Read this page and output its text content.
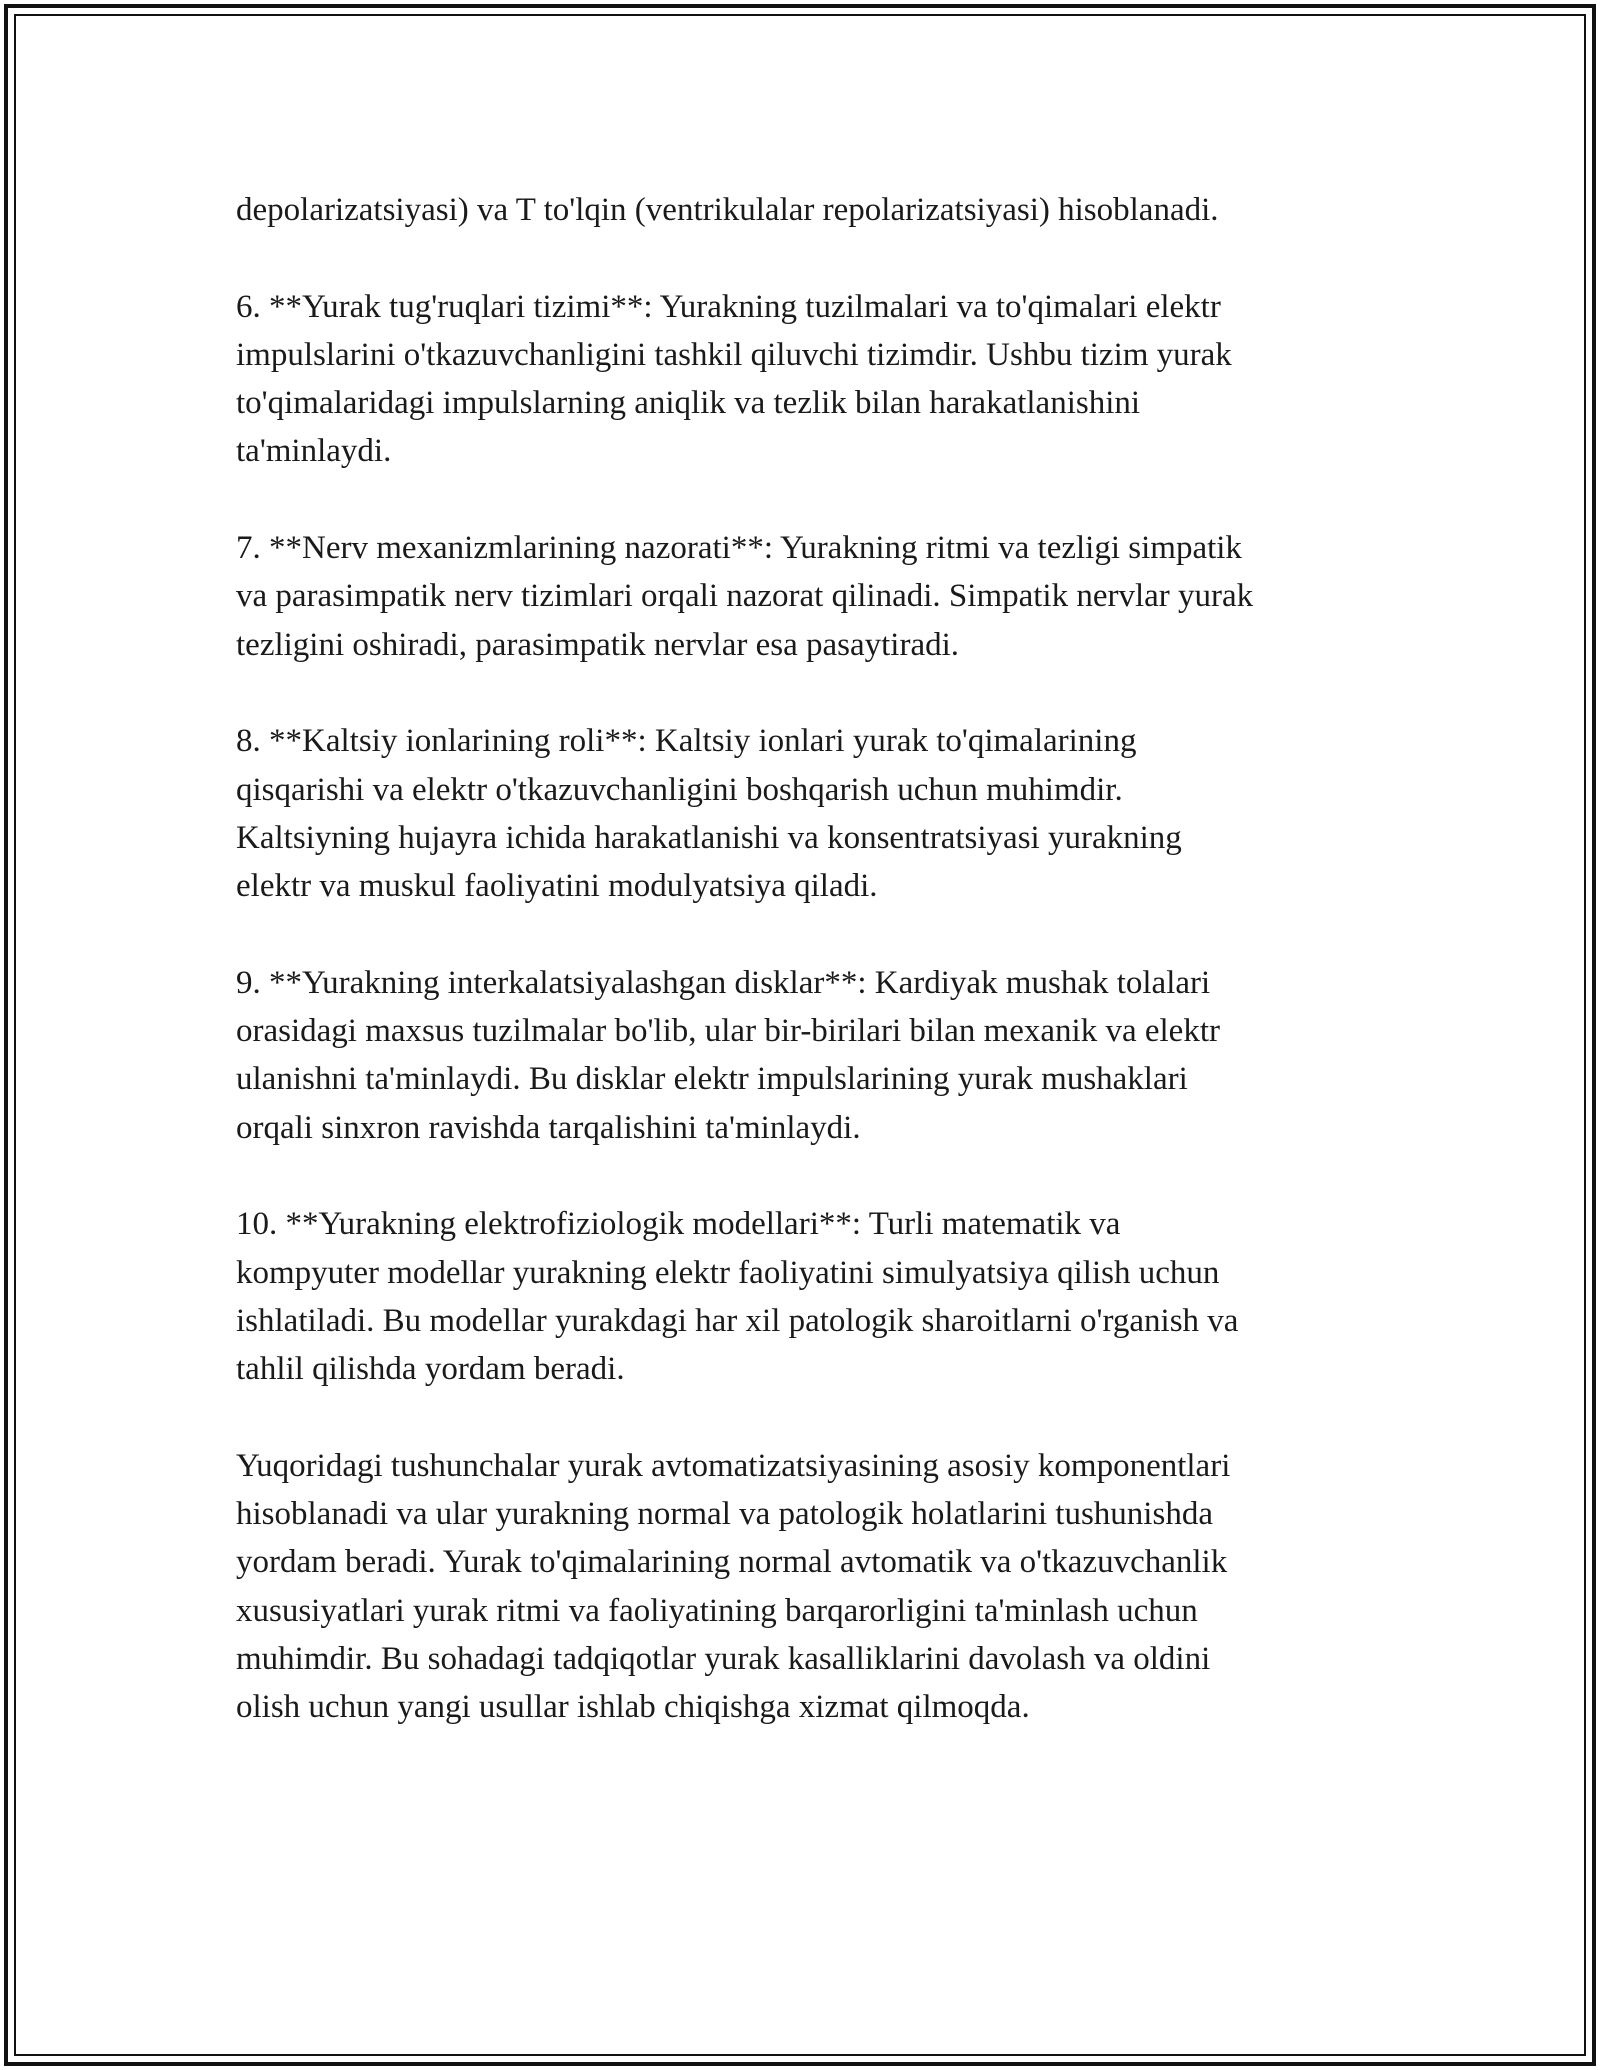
depolarizatsiyasi) va T to'lqin (ventrikulalar repolarizatsiyasi) hisoblanadi.

6. **Yurak tug'ruqlari tizimi**: Yurakning tuzilmalari va to'qimalari elektr
impulslarini o'tkazuvchanligini tashkil qiluvchi tizimdir. Ushbu tizim yurak
to'qimalaridagi impulslarning aniqlik va tezlik bilan harakatlanishini
ta'minlaydi.

7. **Nerv mexanizmlarining nazorati**: Yurakning ritmi va tezligi simpatik
va parasimpatik nerv tizimlari orqali nazorat qilinadi. Simpatik nervlar yurak
tezligini oshiradi, parasimpatik nervlar esa pasaytiradi.

8. **Kaltsiy ionlarining roli**: Kaltsiy ionlari yurak to'qimalarining
qisqarishi va elektr o'tkazuvchanligini boshqarish uchun muhimdir.
Kaltsiyning hujayra ichida harakatlanishi va konsentratsiyasi yurakning
elektr va muskul faoliyatini modulyatsiya qiladi.

9. **Yurakning interkalatsiyalashgan disklar**: Kardiyak mushak tolalari
orasidagi maxsus tuzilmalar bo'lib, ular bir-birilari bilan mexanik va elektr
ulanishni ta'minlaydi. Bu disklar elektr impulslarining yurak mushaklari
orqali sinxron ravishda tarqalishini ta'minlaydi.

10. **Yurakning elektrofiziologik modellari**: Turli matematik va
kompyuter modellar yurakning elektr faoliyatini simulyatsiya qilish uchun
ishlatiladi. Bu modellar yurakdagi har xil patologik sharoitlarni o'rganish va
tahlil qilishda yordam beradi.

Yuqoridagi tushunchalar yurak avtomatizatsiyasining asosiy komponentlari
hisoblanadi va ular yurakning normal va patologik holatlarini tushunishda
yordam beradi. Yurak to'qimalarining normal avtomatik va o'tkazuvchanlik
xususiyatlari yurak ritmi va faoliyatining barqarorligini ta'minlash uchun
muhimdir. Bu sohadagi tadqiqotlar yurak kasalliklarini davolash va oldini
olish uchun yangi usullar ishlab chiqishga xizmat qilmoqda.
